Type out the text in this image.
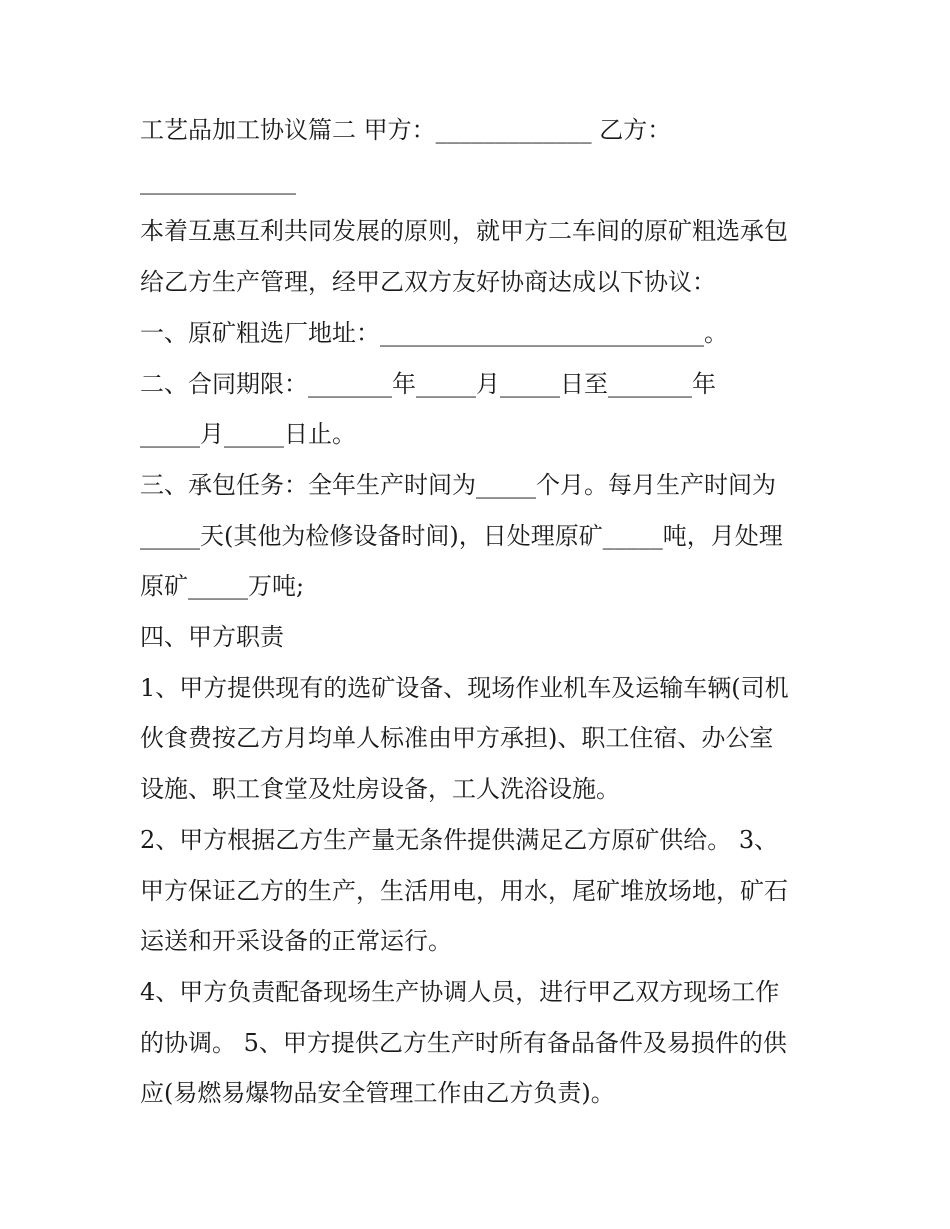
工艺品加工协议篇二 甲方：_____________ 乙方：

_____________

本着互惠互利共同发展的原则，就甲方二车间的原矿粗选承包

给乙方生产管理，经甲乙双方友好协商达成以下协议：

一、原矿粗选厂地址：___________________________。

二、合同期限：_______年_____月_____日至_______年

_____月_____日止。

三、承包任务：全年生产时间为_____个月。每月生产时间为

_____天(其他为检修设备时间)，日处理原矿_____吨，月处理

原矿_____万吨;

四、甲方职责

1、甲方提供现有的选矿设备、现场作业机车及运输车辆(司机

伙食费按乙方月均单人标准由甲方承担)、职工住宿、办公室

设施、职工食堂及灶房设备，工人洗浴设施。

2、甲方根据乙方生产量无条件提供满足乙方原矿供给。 3、

甲方保证乙方的生产，生活用电，用水，尾矿堆放场地，矿石

运送和开采设备的正常运行。

4、甲方负责配备现场生产协调人员，进行甲乙双方现场工作

的协调。 5、甲方提供乙方生产时所有备品备件及易损件的供

应(易燃易爆物品安全管理工作由乙方负责)。
